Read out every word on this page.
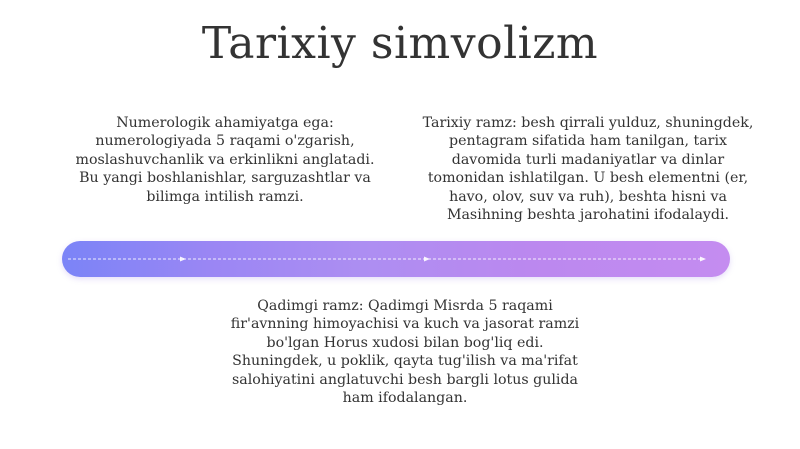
Tarixiy simvolizm
Numerologik ahamiyatga ega: numerologiyada 5 raqami o'zgarish, moslashuvchanlik va erkinlikni anglatadi. Bu yangi boshlanishlar, sarguzashtlar va bilimga intilish ramzi.
Tarixiy ramz: besh qirrali yulduz, shuningdek, pentagram sifatida ham tanilgan, tarix davomida turli madaniyatlar va dinlar tomonidan ishlatilgan. U besh elementni (er, havo, olov, suv va ruh), beshta hisni va Masihning beshta jarohatini ifodalaydi.
Qadimgi ramz: Qadimgi Misrda 5 raqami fir'avnning himoyachisi va kuch va jasorat ramzi bo'lgan Horus xudosi bilan bog'liq edi. Shuningdek, u poklik, qayta tug'ilish va ma'rifat salohiyatini anglatuvchi besh bargli lotus gulida ham ifodalangan.
